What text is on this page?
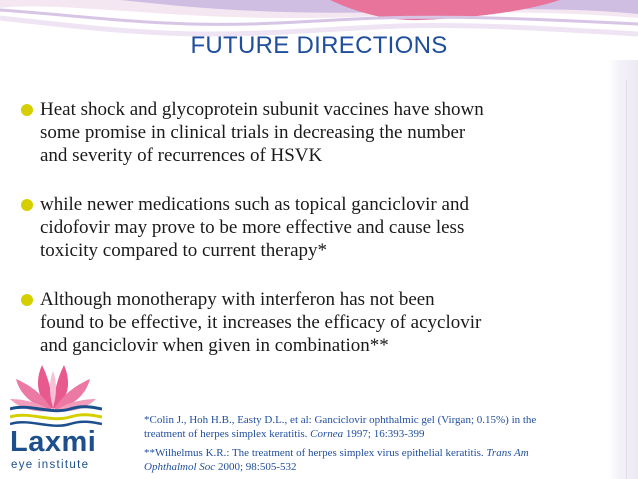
FUTURE DIRECTIONS
Heat shock and glycoprotein subunit vaccines have shown
some promise in clinical trials in decreasing the number
and severity of recurrences of HSVK
while newer medications such as topical ganciclovir and
cidofovir may prove to be more effective and cause less
toxicity compared to current therapy*
Although monotherapy with interferon has not been
found to be effective, it increases the efficacy of acyclovir
and ganciclovir when given in combination**
Laxmi
eye institute
*Colin J., Hoh H.B., Easty D.L., et al: Ganciclovir ophthalmic gel (Virgan; 0.15%) in the
treatment of herpes simplex keratitis. Cornea 1997; 16:393-399
**Wilhelmus K.R.: The treatment of herpes simplex virus epithelial keratitis. Trans Am
Ophthalmol Soc 2000; 98:505-532
